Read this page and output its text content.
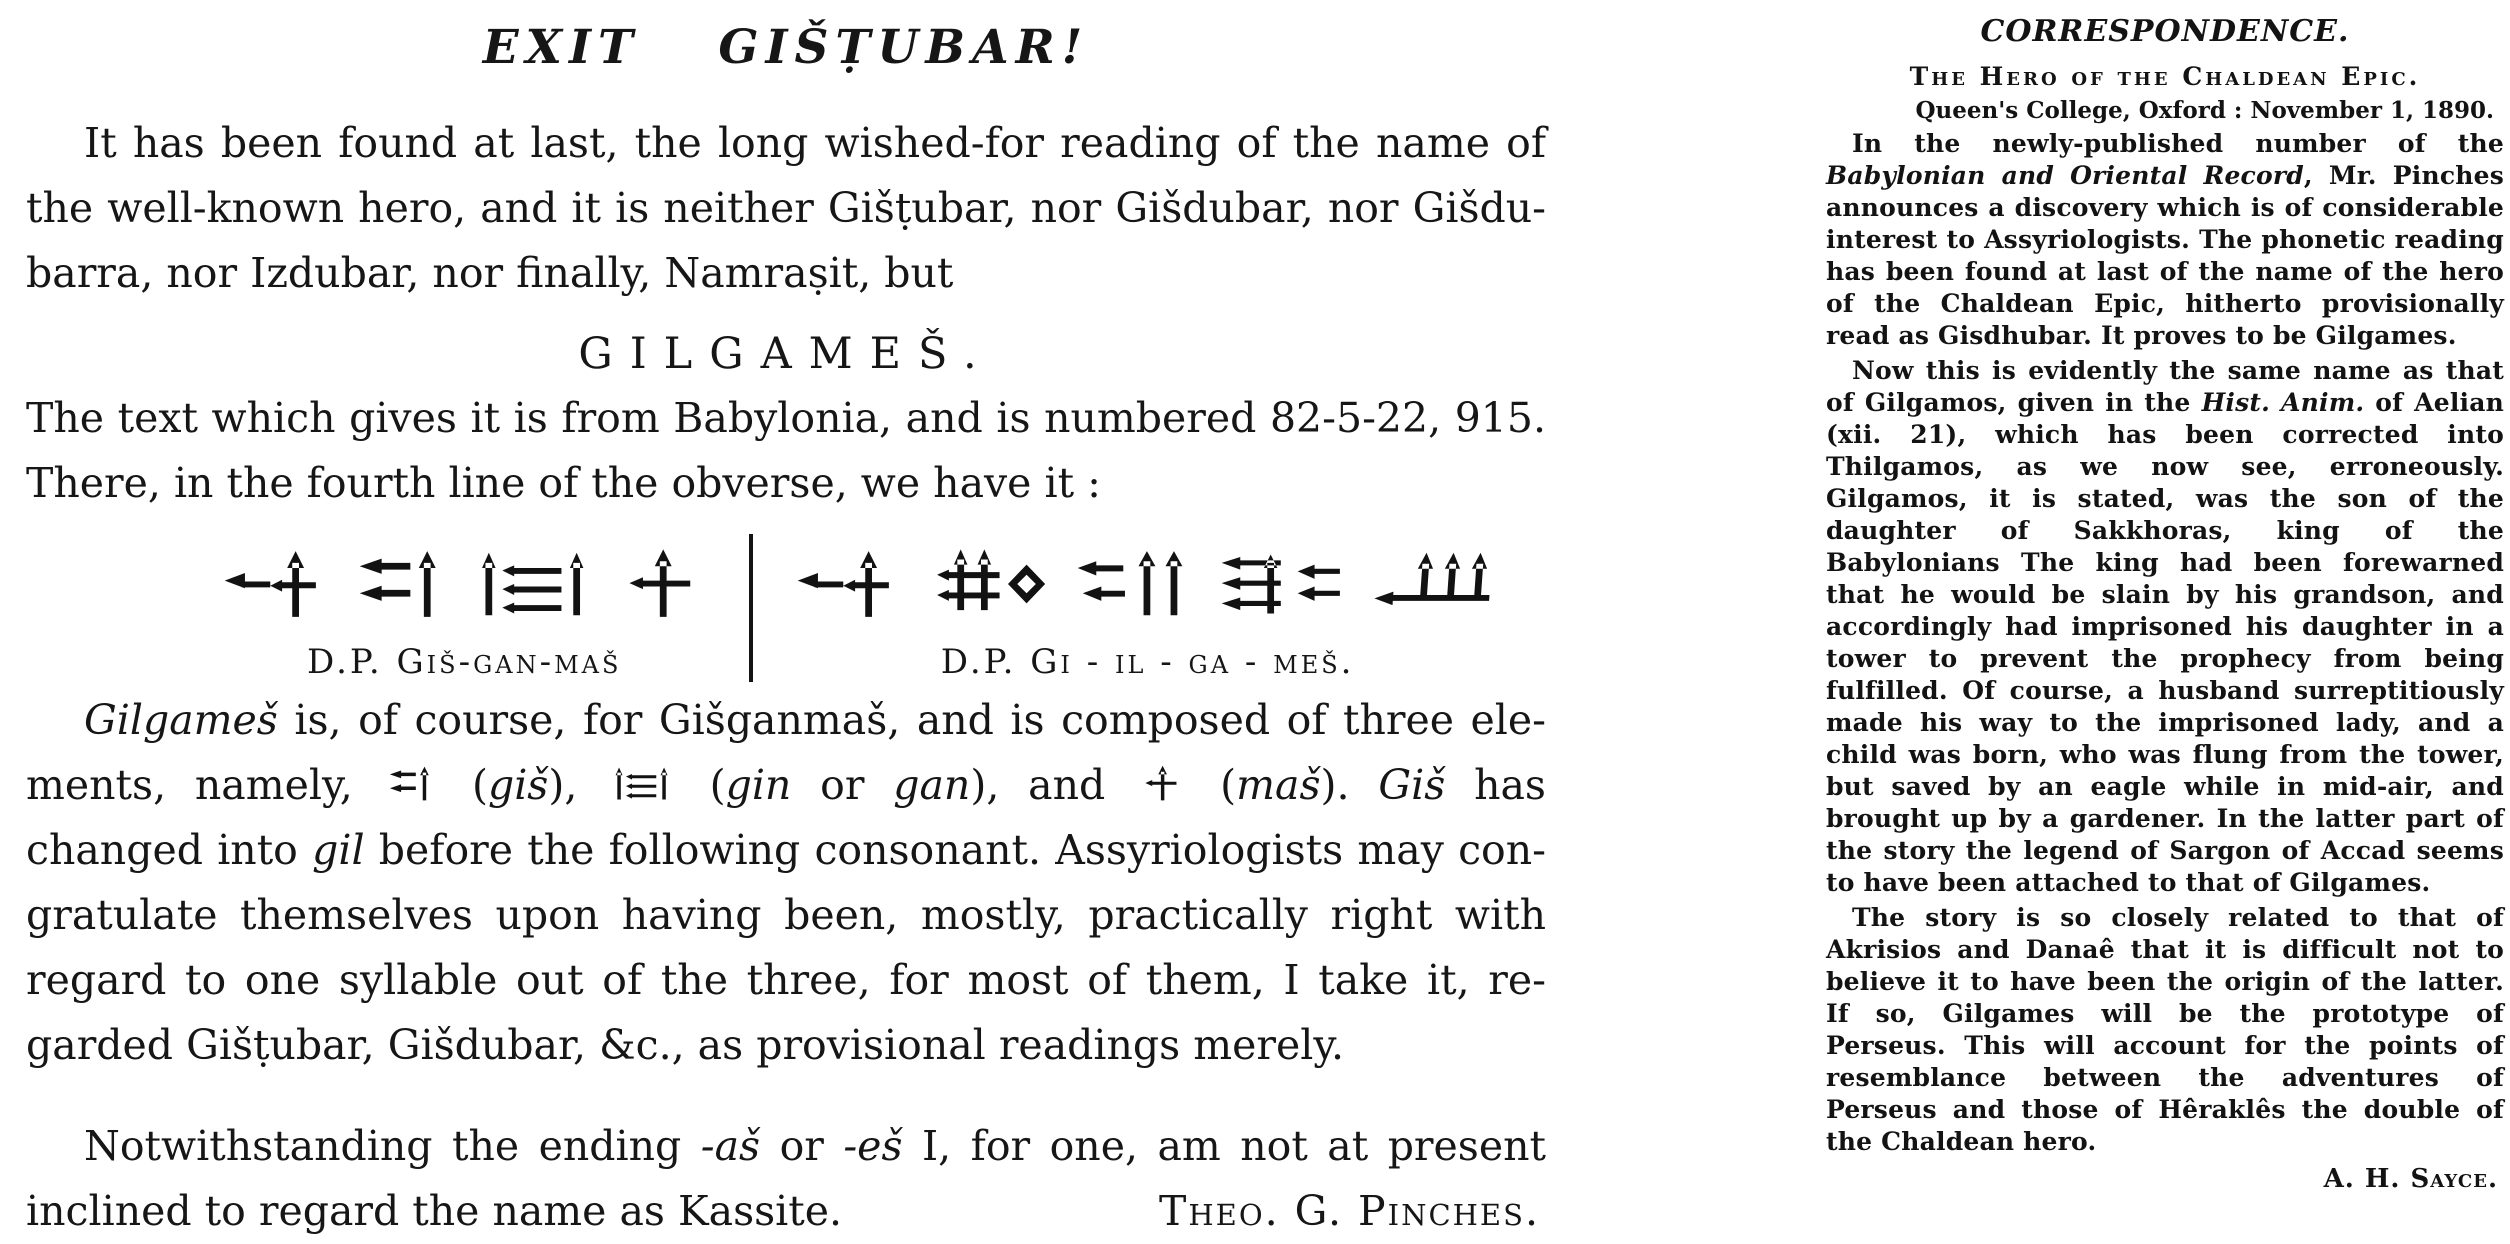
EXIT GIŠṬUBAR!
It has been found at last, the long wished-for reading of the name of
the well-known hero, and it is neither Gišṭubar, nor Gišdubar, nor Gišdu-
barra, nor Izdubar, nor finally, Namraṣit, but
GILGAMEŠ.
The text which gives it is from Babylonia, and is numbered 82-5-22, 915.
There, in the fourth line of the obverse, we have it :
D.P. Giš-gan-maš	D.P. Gi - il - ga - meš.
Gilgameš is, of course, for Gišganmaš, and is composed of three ele-
ments, namely,  (giš),	(gin or gan), and  (maš). Giš has
changed into gil before the following consonant. Assyriologists may con-
gratulate themselves upon having been, mostly, practically right with
regard to one syllable out of the three, for most of them, I take it, re-
garded Gišṭubar, Gišdubar, &c., as provisional readings merely.
Notwithstanding the ending -aš or -eš I, for one, am not at present
inclined to regard the name as Kassite.	Theo. G. Pinches.
CORRESPONDENCE.
The Hero of the Chaldean Epic.
Queen's College, Oxford : November 1, 1890.
In the newly-published number of the Babylonian and Oriental Record, Mr. Pinches announces a discovery which is of considerable interest to Assyriologists. The phonetic reading has been found at last of the name of the hero of the Chaldean Epic, hitherto provisionally read as Gisdhubar. It proves to be Gilgames.
Now this is evidently the same name as that of Gilgamos, given in the Hist. Anim. of Aelian (xii. 21), which has been corrected into Thilgamos, as we now see, erroneously. Gilgamos, it is stated, was the son of the daughter of Sakkhoras, king of the Babylonians The king had been forewarned that he would be slain by his grandson, and accordingly had imprisoned his daughter in a tower to prevent the prophecy from being fulfilled. Of course, a husband surreptitiously made his way to the imprisoned lady, and a child was born, who was flung from the tower, but saved by an eagle while in mid-air, and brought up by a gardener. In the latter part of the story the legend of Sargon of Accad seems to have been attached to that of Gilgames.
The story is so closely related to that of Akrisios and Danaê that it is difficult not to believe it to have been the origin of the latter. If so, Gilgames will be the prototype of Perseus. This will account for the points of resemblance between the adventures of Perseus and those of Hêraklês the double of the Chaldean hero.
A. H. Sayce.
